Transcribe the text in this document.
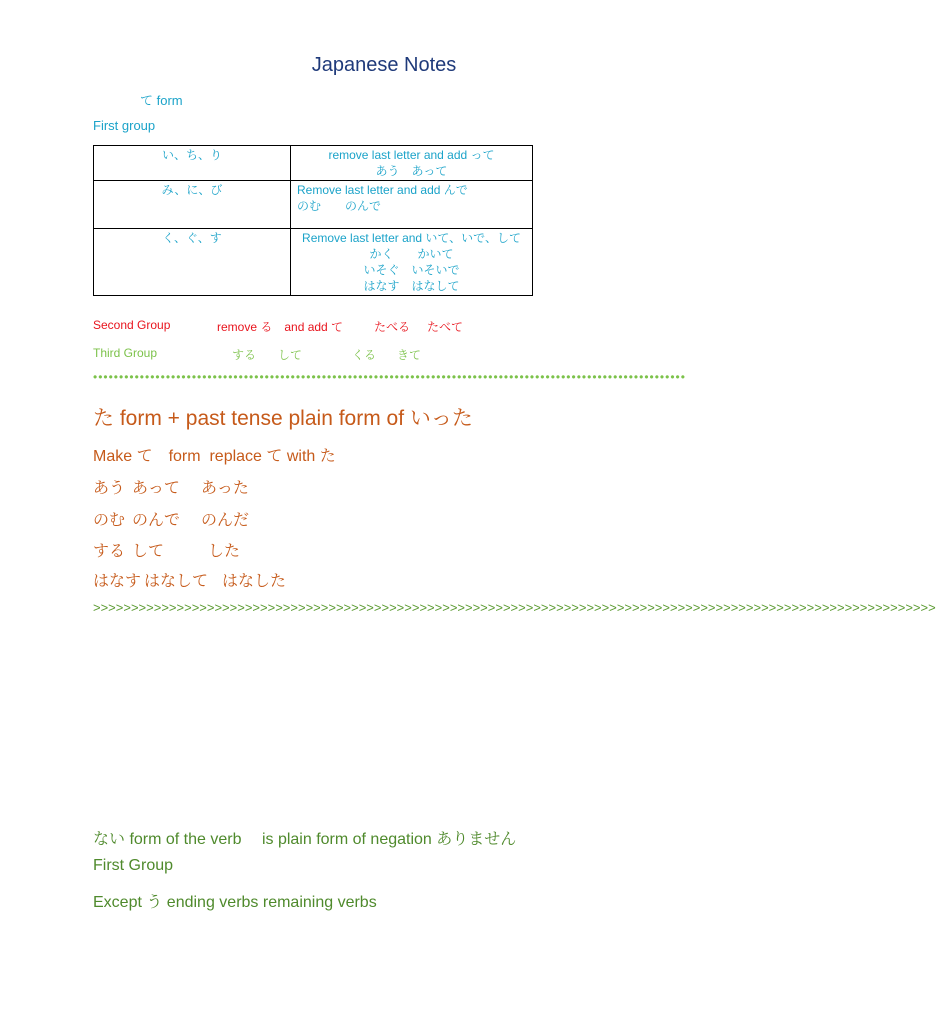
Japanese Notes
て form
First group
い、ち、り	remove last letter and add って
あう　あって

み、に、び	Remove last letter and add んで
のむ　　のんで

く、ぐ、す	Remove last letter and いて、いで、して
かく　　かいて
いそぐ　いそいで
はなす　はなして
Second Group	remove る　and add て	たべる たべて
Third Group	する して	くる きて
••••••••••••••••••••••••••••••••••••••••••••••••••••••••••••••••••••••••••••••••••••••••••••••••••••••••••••••••••
た form + past tense plain form of いった
Make て　form  replace て with た
あう あって あった
のむ のんで のんだ
する して	した
はなす はなして はなした
>>>>>>>>>>>>>>>>>>>>>>>>>>>>>>>>>>>>>>>>>>>>>>>>>>>>>>>>>>>>>>>>>>>>>>>>>>>>>>>>>>>>>>>>>>>>>>>>>>>>>>>>>>>>>>>
ない form of the verb　 is plain form of negation ありません
First Group
Except う ending verbs remaining verbs
